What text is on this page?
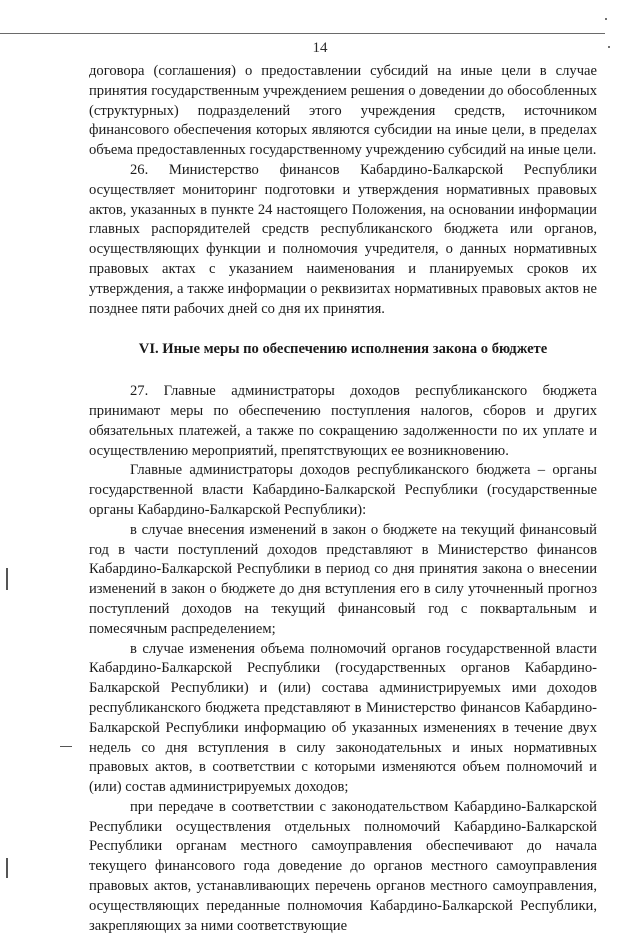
14

договора (соглашения) о предоставлении субсидий на иные цели в случае принятия государственным учреждением решения о доведении до обособленных (структурных) подразделений этого учреждения средств, источником финансового обеспечения которых являются субсидии на иные цели, в пределах объема предоставленных государственному учреждению субсидий на иные цели.

26. Министерство финансов Кабардино-Балкарской Республики осуществляет мониторинг подготовки и утверждения нормативных правовых актов, указанных в пункте 24 настоящего Положения, на основании информации главных распорядителей средств республиканского бюджета или органов, осуществляющих функции и полномочия учредителя, о данных нормативных правовых актах с указанием наименования и планируемых сроков их утверждения, а также информации о реквизитах нормативных правовых актов не позднее пяти рабочих дней со дня их принятия.

VI. Иные меры по обеспечению исполнения закона о бюджете

27. Главные администраторы доходов республиканского бюджета принимают меры по обеспечению поступления налогов, сборов и других обязательных платежей, а также по сокращению задолженности по их уплате и осуществлению мероприятий, препятствующих ее возникновению.

Главные администраторы доходов республиканского бюджета – органы государственной власти Кабардино-Балкарской Республики (государственные органы Кабардино-Балкарской Республики):

в случае внесения изменений в закон о бюджете на текущий финансовый год в части поступлений доходов представляют в Министерство финансов Кабардино-Балкарской Республики в период со дня принятия закона о внесении изменений в закон о бюджете до дня вступления его в силу уточненный прогноз поступлений доходов на текущий финансовый год с поквартальным и помесячным распределением;

в случае изменения объема полномочий органов государственной власти Кабардино-Балкарской Республики (государственных органов Кабардино-Балкарской Республики) и (или) состава администрируемых ими доходов республиканского бюджета представляют в Министерство финансов Кабардино-Балкарской Республики информацию об указанных изменениях в течение двух недель со дня вступления в силу законодательных и иных нормативных правовых актов, в соответствии с которыми изменяются объем полномочий и (или) состав администрируемых доходов;

при передаче в соответствии с законодательством Кабардино-Балкарской Республики осуществления отдельных полномочий Кабардино-Балкарской Республики органам местного самоуправления обеспечивают до начала текущего финансового года доведение до органов местного самоуправления правовых актов, устанавливающих перечень органов местного самоуправления, осуществляющих переданные полномочия Кабардино-Балкарской Республики, закрепляющих за ними соответствующие
